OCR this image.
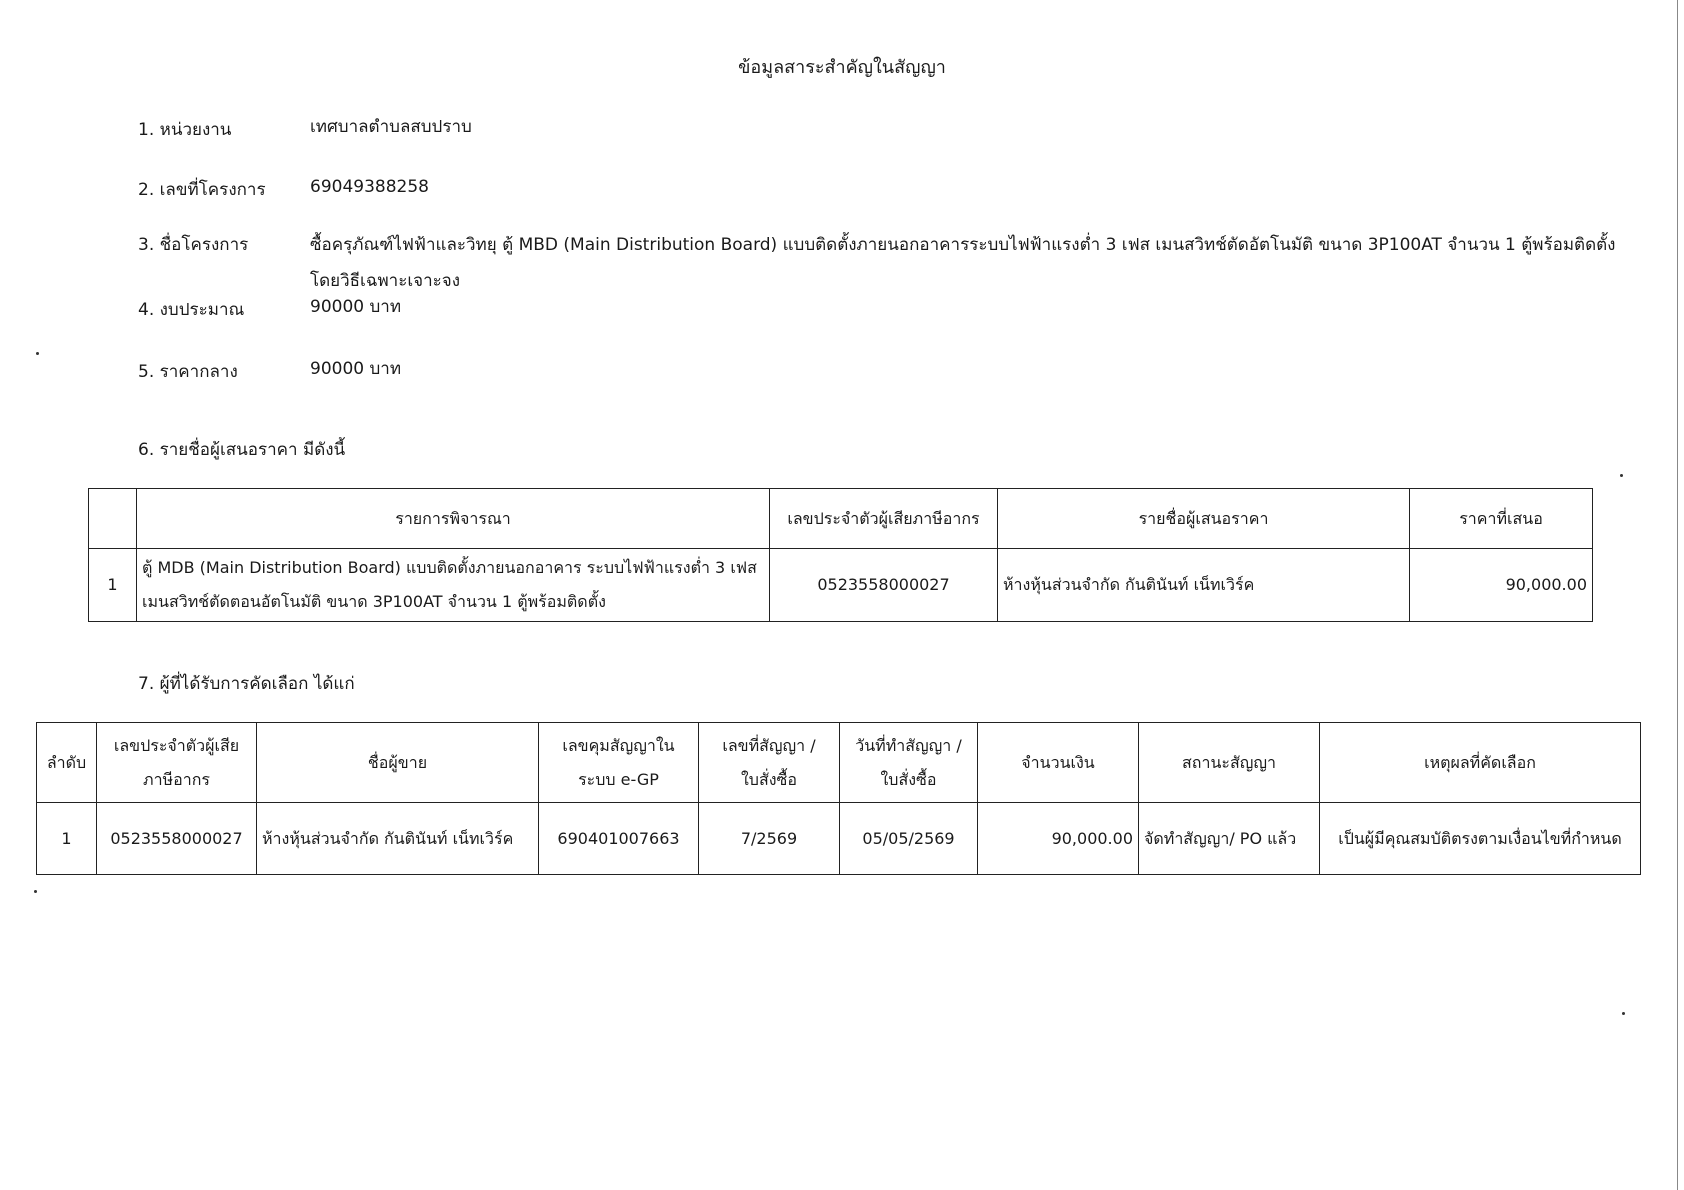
ข้อมูลสาระสำคัญในสัญญา
1. หน่วยงาน	เทศบาลตำบลสบปราบ
2. เลขที่โครงการ	69049388258
3. ชื่อโครงการ	ซื้อครุภัณฑ์ไฟฟ้าและวิทยุ ตู้ MBD (Main Distribution Board) แบบติดตั้งภายนอกอาคารระบบไฟฟ้าแรงต่ำ 3 เฟส เมนสวิทช์ตัดอัตโนมัติ ขนาด 3P100AT จำนวน 1 ตู้พร้อมติดตั้ง โดยวิธีเฉพาะเจาะจง
4. งบประมาณ	90000 บาท
5. ราคากลาง	90000 บาท
6. รายชื่อผู้เสนอราคา มีดังนี้
	รายการพิจารณา	เลขประจำตัวผู้เสียภาษีอากร	รายชื่อผู้เสนอราคา	ราคาที่เสนอ
1	ตู้ MDB (Main Distribution Board) แบบติดตั้งภายนอกอาคาร ระบบไฟฟ้าแรงต่ำ 3 เฟส เมนสวิทช์ตัดตอนอัตโนมัติ ขนาด 3P100AT จำนวน 1 ตู้พร้อมติดตั้ง	0523558000027	ห้างหุ้นส่วนจำกัด กันตินันท์ เน็ทเวิร์ค	90,000.00
7. ผู้ที่ได้รับการคัดเลือก ได้แก่
ลำดับ	เลขประจำตัวผู้เสียภาษีอากร	ชื่อผู้ขาย	เลขคุมสัญญาในระบบ e-GP	เลขที่สัญญา / ใบสั่งซื้อ	วันที่ทำสัญญา / ใบสั่งซื้อ	จำนวนเงิน	สถานะสัญญา	เหตุผลที่คัดเลือก
1	0523558000027	ห้างหุ้นส่วนจำกัด กันตินันท์ เน็ทเวิร์ค	690401007663	7/2569	05/05/2569	90,000.00	จัดทำสัญญา/ PO แล้ว	เป็นผู้มีคุณสมบัติตรงตามเงื่อนไขที่กำหนด
